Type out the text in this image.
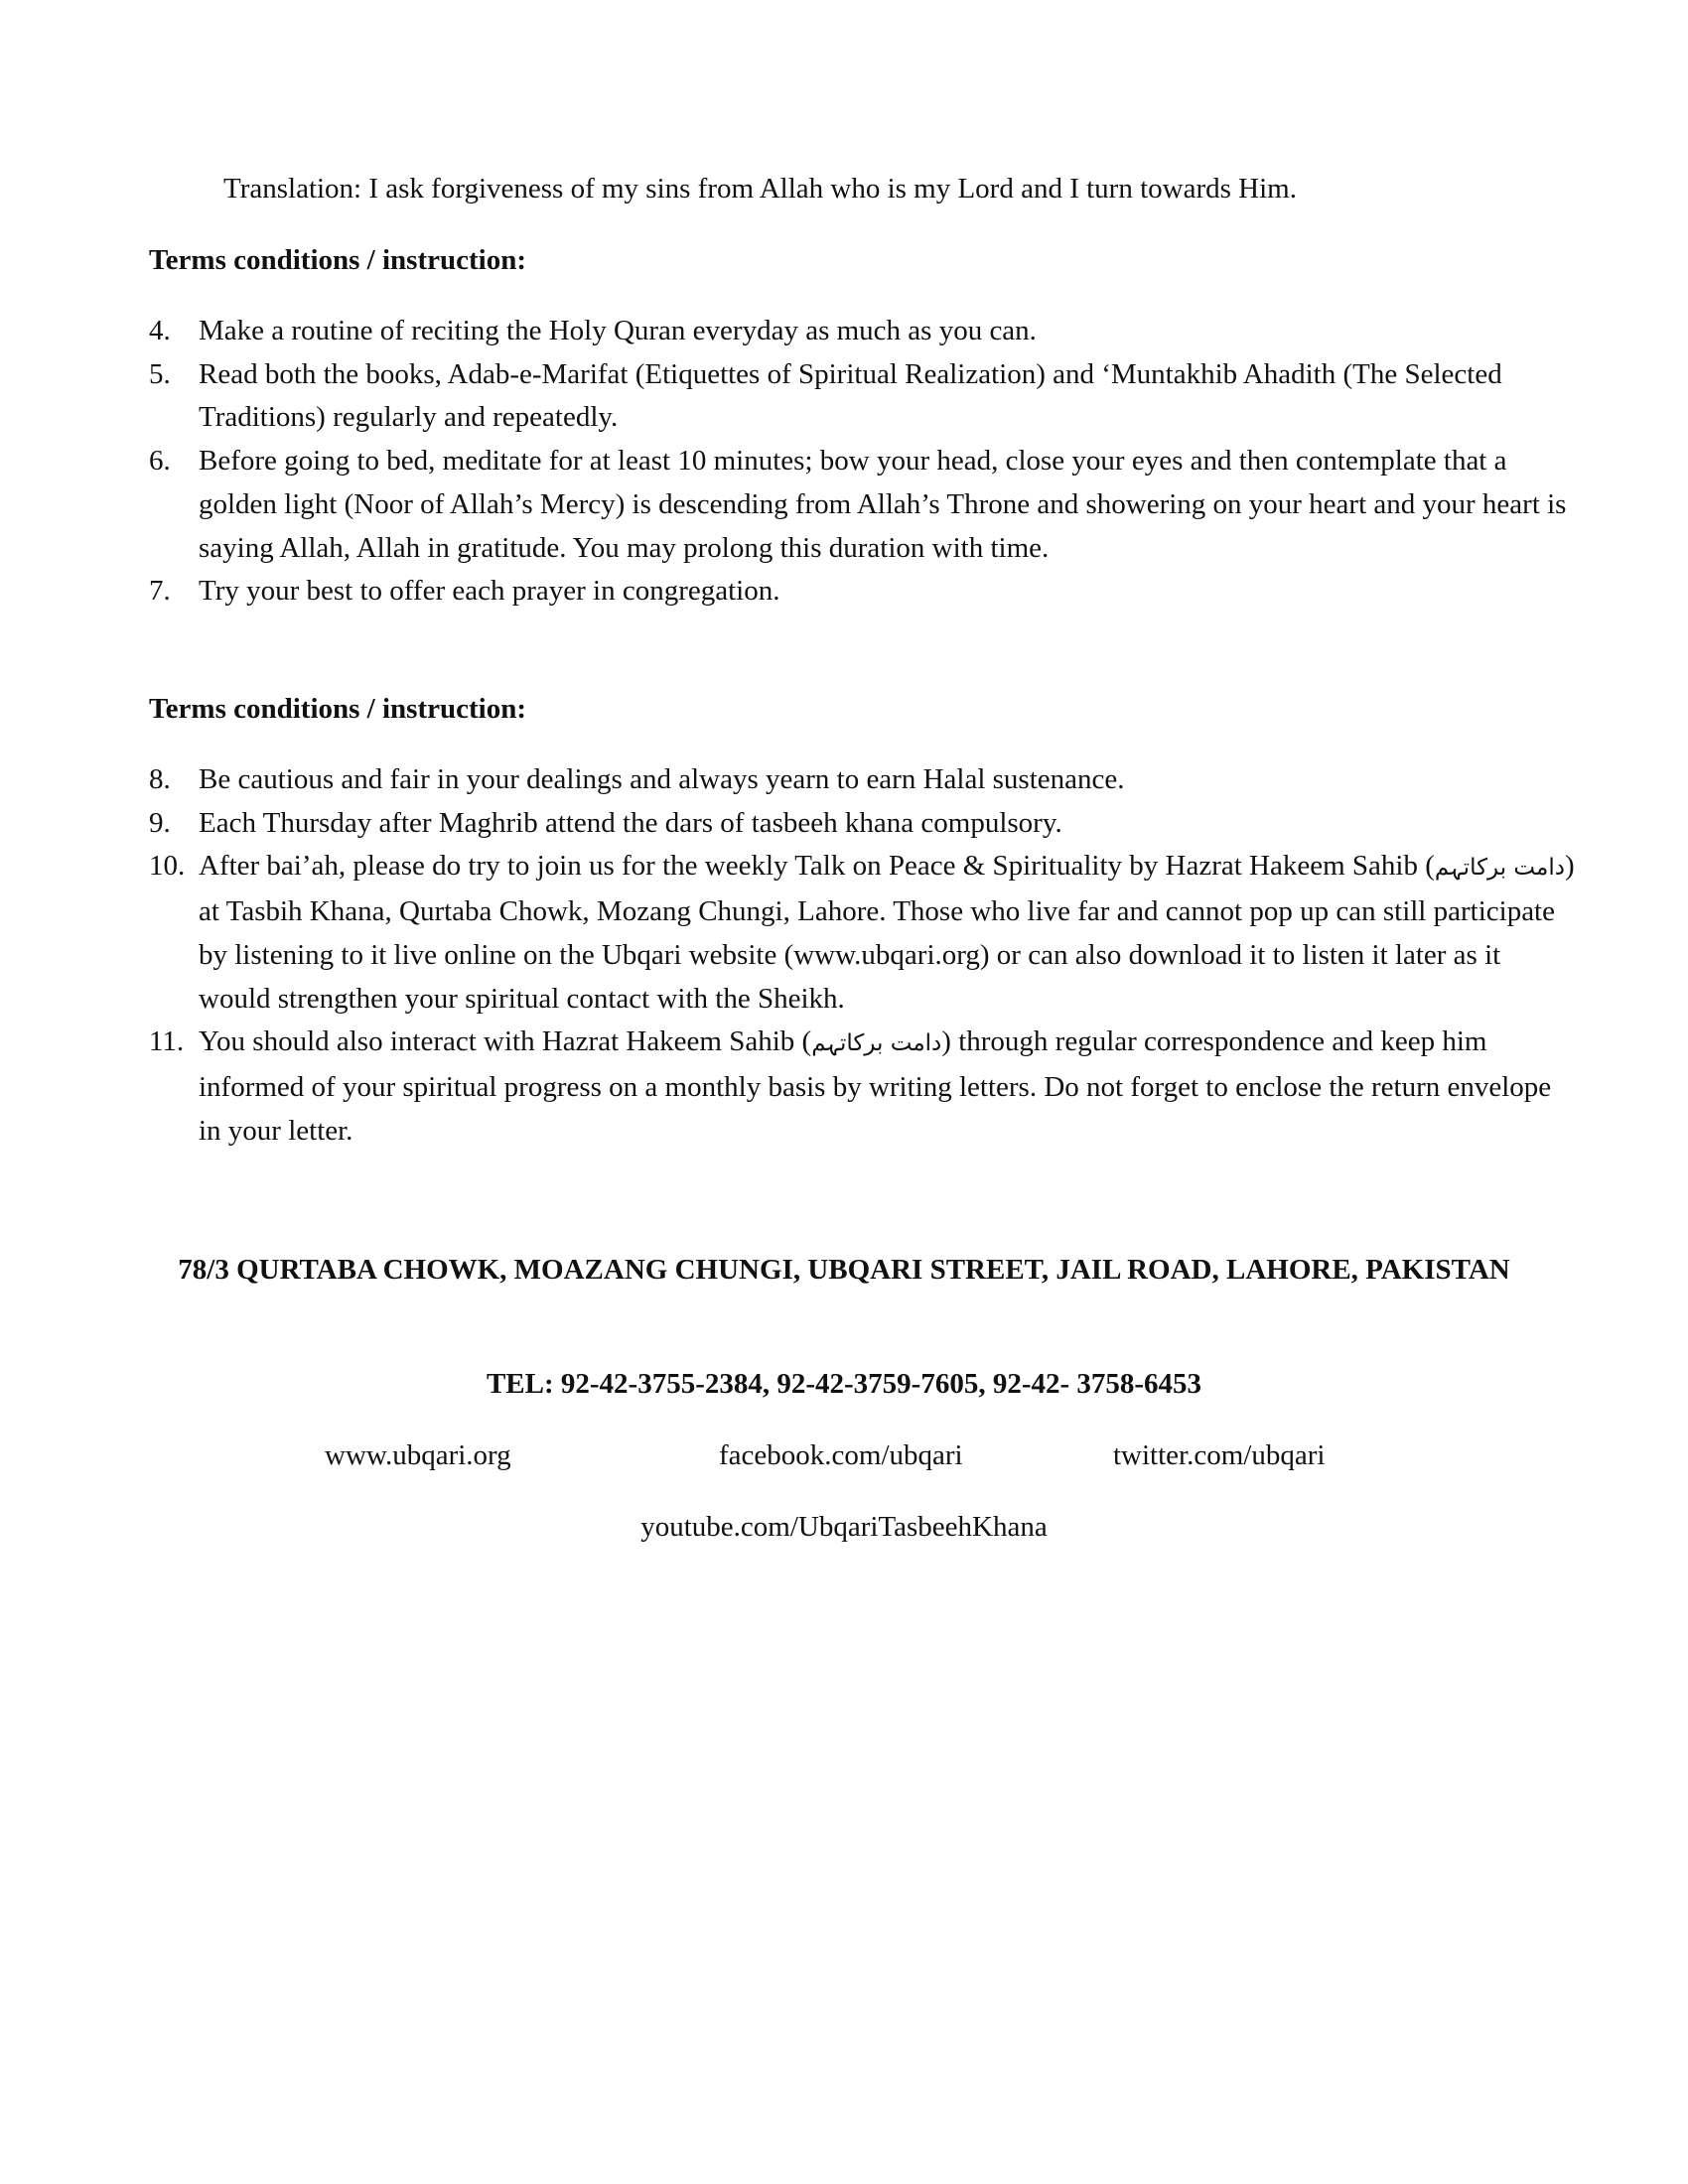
Translation: I ask forgiveness of my sins from Allah who is my Lord and I turn towards Him.
Terms conditions / instruction:
4. Make a routine of reciting the Holy Quran everyday as much as you can.
5. Read both the books, Adab-e-Marifat (Etiquettes of Spiritual Realization) and ‘Muntakhib Ahadith (The Selected Traditions) regularly and repeatedly.
6. Before going to bed, meditate for at least 10 minutes; bow your head, close your eyes and then contemplate that a golden light (Noor of Allah’s Mercy) is descending from Allah’s Throne and showering on your heart and your heart is saying Allah, Allah in gratitude. You may prolong this duration with time.
7. Try your best to offer each prayer in congregation.
Terms conditions / instruction:
8. Be cautious and fair in your dealings and always yearn to earn Halal sustenance.
9. Each Thursday after Maghrib attend the dars of tasbeeh khana compulsory.
10. After bai’ah, please do try to join us for the weekly Talk on Peace & Spirituality by Hazrat Hakeem Sahib (دامت برکاتہم) at Tasbih Khana, Qurtaba Chowk, Mozang Chungi, Lahore. Those who live far and cannot pop up can still participate by listening to it live online on the Ubqari website (www.ubqari.org) or can also download it to listen it later as it would strengthen your spiritual contact with the Sheikh.
11. You should also interact with Hazrat Hakeem Sahib (دامت برکاتہم) through regular correspondence and keep him informed of your spiritual progress on a monthly basis by writing letters. Do not forget to enclose the return envelope in your letter.
78/3 QURTABA CHOWK, MOAZANG CHUNGI, UBQARI STREET, JAIL ROAD, LAHORE, PAKISTAN
TEL: 92-42-3755-2384, 92-42-3759-7605, 92-42- 3758-6453
www.ubqari.org	facebook.com/ubqari	twitter.com/ubqari
youtube.com/UbqariTasbeehKhana
